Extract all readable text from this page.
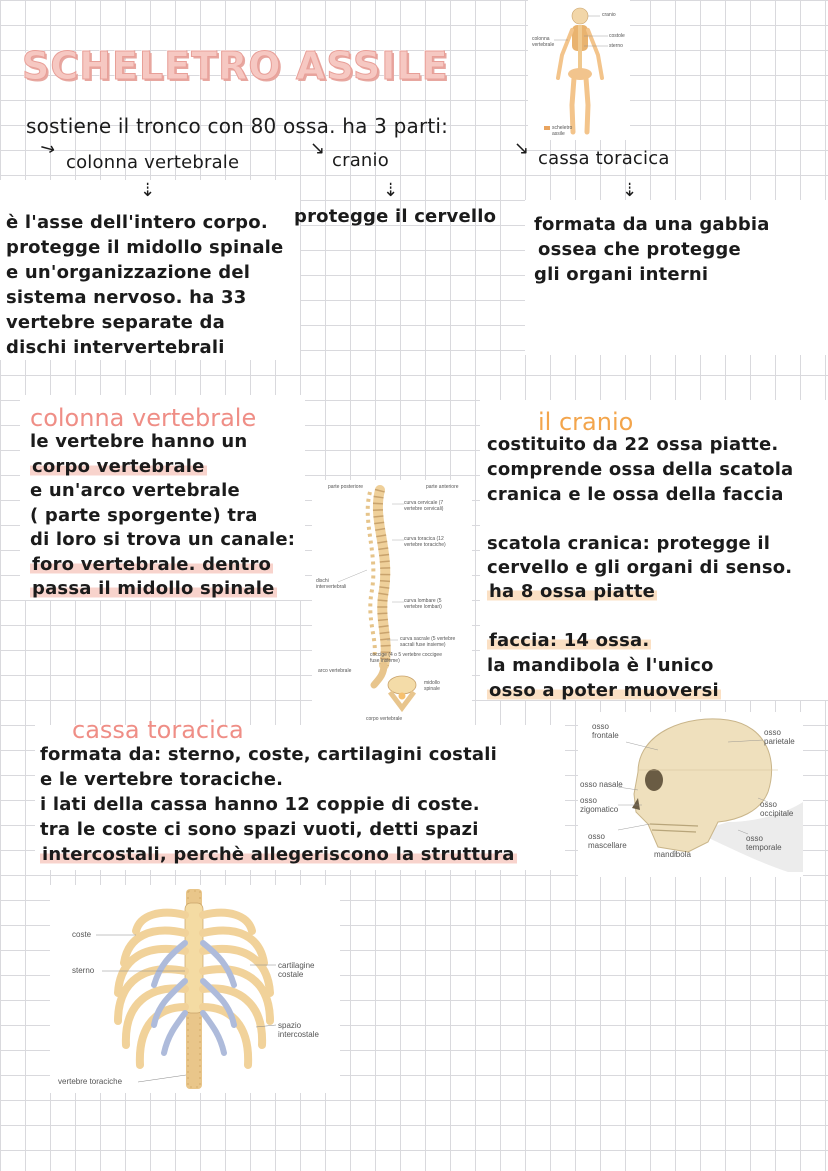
SCHELETRO ASSILE
cranio
colonna vertebrale
costole
sterno
scheletro assile
sostiene il tronco con 80 ossa. ha 3 parti:
↘
colonna vertebrale
↘
cranio
↘ cassa toracica
⇣	⇣	⇣
è l'asse dell'intero corpo.
protegge il midollo spinale
e un'organizzazione del
sistema nervoso. ha 33
vertebre separate da
dischi intervertebrali
protegge il cervello formata da una gabbia
ossea che protegge
gli organi interni
colonna vertebrale
le vertebre hanno un
corpo vertebrale
e un'arco vertebrale
( parte sporgente) tra
di loro si trova un canale:
foro vertebrale. dentro
passa il midollo spinale
parte posteriore	parte anteriore
curva cervicale (7 vertebre cervicali)
curva toracica (12 vertebre toraciche)
dischi intervertebrali
curva lombare (5 vertebre lombari)
curva sacrale (5 vertebre sacrali fuse insieme)
coccige (4 o 5 vertebre coccigee fuse insieme)
arco vertebrale
midollo spinale
corpo vertebrale
il cranio
costituito da 22 ossa piatte.
comprende ossa della scatola
cranica e le ossa della faccia
scatola cranica: protegge il
cervello e gli organi di senso.
ha 8 ossa piatte
faccia: 14 ossa.
la mandibola è l'unico
osso a poter muoversi
osso frontale	osso parietale
osso nasale
osso zigomatico
osso occipitale
osso mascellare
osso temporale
mandibola
cassa toracica
formata da: sterno, coste, cartilagini costali
e le vertebre toraciche.
i lati della cassa hanno 12 coppie di coste.
tra le coste ci sono spazi vuoti, detti spazi
intercostali, perchè allegeriscono la struttura
coste
sterno
cartilagine costale
spazio intercostale
vertebre toraciche
